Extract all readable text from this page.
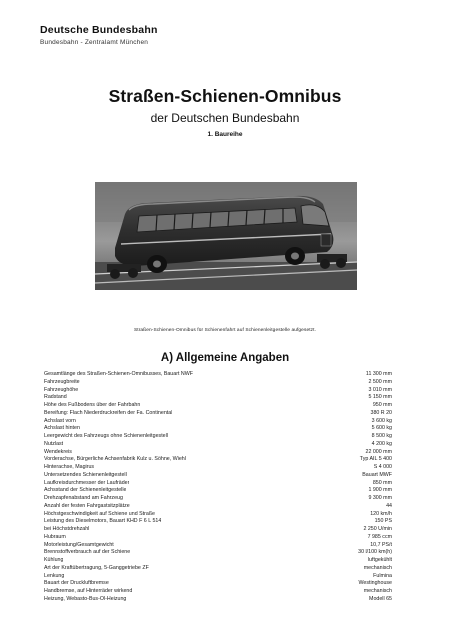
Deutsche Bundesbahn
Bundesbahn - Zentralamt München
Straßen-Schienen-Omnibus
der Deutschen Bundesbahn
1. Baureihe
Straßen-Schienen-Omnibus für Schienenfahrt auf Schienenleitgestelle aufgesetzt.
A) Allgemeine Angaben
Gesamtlänge des Straßen-Schienen-Omnibusses, Bauart NWF	11 300 mm
Fahrzeugbreite	2 500 mm
Fahrzeughöhe	3 010 mm
Radstand	5 150 mm
Höhe des Fußbodens über der Fahrbahn	950 mm
Bereifung: Flach Niederdruckreifen der Fa. Continental	380 R 20
Achslast vorn	3 600 kg
Achslast hinten	5 600 kg
Leergewicht des Fahrzeugs ohne Schienenleitgestell	8 500 kg
Nutzlast	4 200 kg
Wendekreis	22 000 mm
Vorderachse, Bürgerliche Achsenfabrik Kulz u. Söhne, Wiehl	Typ AIL 5 400
Hinterachse, Magirus	S 4 000
Untersetzendes Schienenleitgestell	Bauart MWF
Laufkreisdurchmesser der Laufräder	850 mm
Achsstand der Schienenleitgestelle	1 900 mm
Drehzapfenabstand am Fahrzeug	9 300 mm
Anzahl der festen Fahrgastsitzplätze	44
Höchstgeschwindigkeit auf Schiene und Straße	120 km/h
Leistung des Dieselmotors, Bauart KHD F 6 L 514	150 PS
bei Höchstdrehzahl	2 250 U/min
Hubraum	7 985 ccm
Motorleistung/Gesamtgewicht	10,7 PS/t
Brennstoffverbrauch auf der Schiene	30 l/100 km(h)
Kühlung	luftgekühlt
Art der Kraftübertragung, 5-Ganggetriebe ZF	mechanisch
Lenkung	Fulmina
Bauart der Druckluftbremse	Westinghouse
Handbremse, auf Hinterräder wirkend	mechanisch
Heizung, Webasto-Bus-Öl-Heizung	Modell 65
